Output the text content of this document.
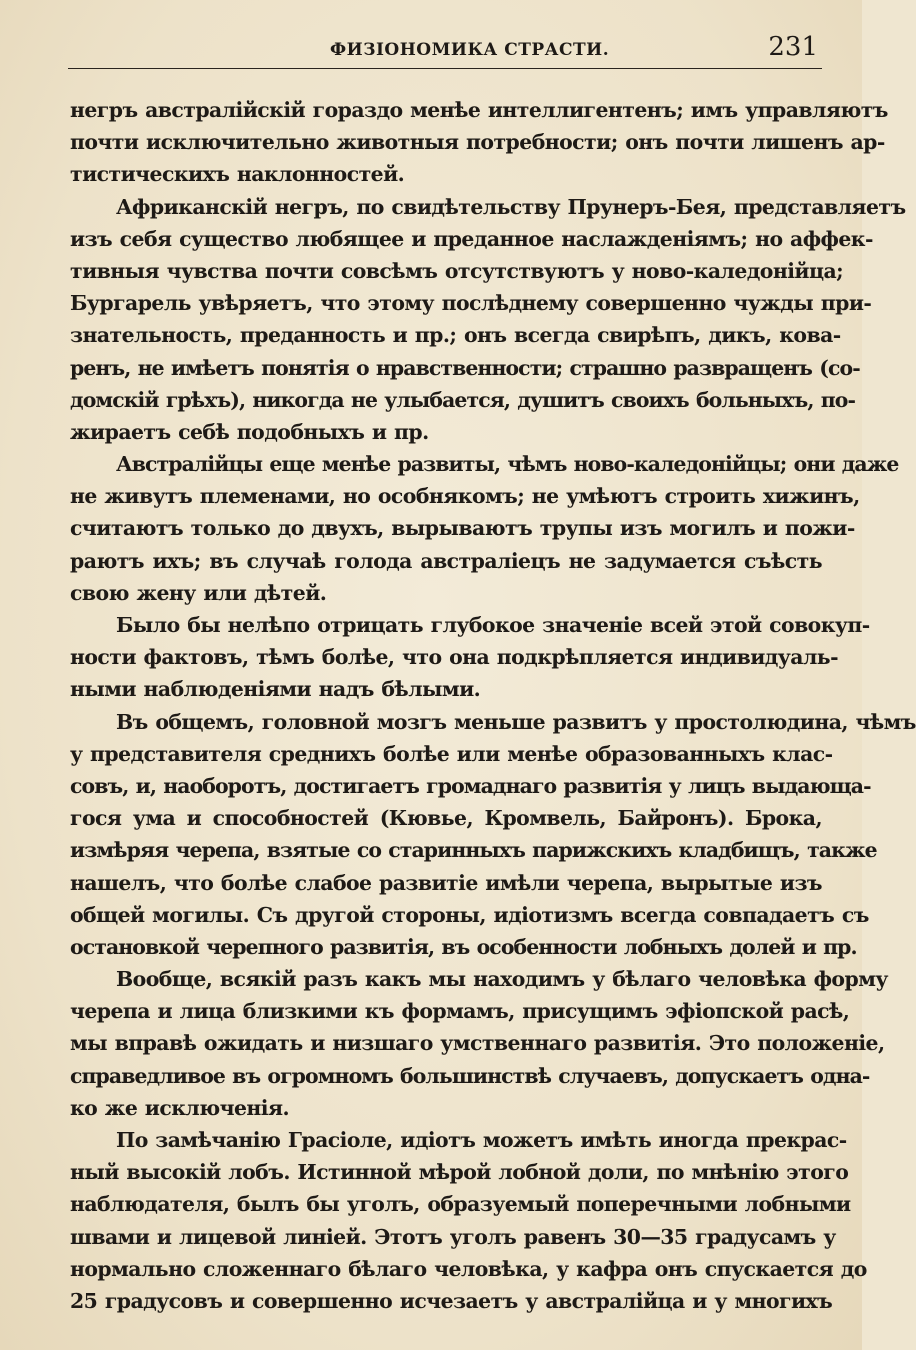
ФИЗІОНОМИКА СТРАСТИ.	231
негръ австралійскій гораздо менѣе интеллигентенъ; имъ управляютъ
почти исключительно животныя потребности; онъ почти лишенъ ар-
тистическихъ наклонностей.
Африканскій негръ, по свидѣтельству Прунеръ-Бея, представляетъ
изъ себя существо любящее и преданное наслажденіямъ; но аффек-
тивныя чувства почти совсѣмъ отсутствуютъ у ново-каледонійца;
Бургарель увѣряетъ, что этому послѣднему совершенно чужды при-
знательность, преданность и пр.; онъ всегда свирѣпъ, дикъ, кова-
ренъ, не имѣетъ понятія о нравственности; страшно развращенъ (со-
домскій грѣхъ), никогда не улыбается, душитъ своихъ больныхъ, по-
жираетъ себѣ подобныхъ и пр.
Австралійцы еще менѣе развиты, чѣмъ ново-каледонійцы; они даже
не живутъ племенами, но особнякомъ; не умѣютъ строить хижинъ,
считаютъ только до двухъ, вырываютъ трупы изъ могилъ и пожи-
раютъ ихъ; въ случаѣ голода австраліецъ не задумается съѣсть
свою жену или дѣтей.
Было бы нелѣпо отрицать глубокое значеніе всей этой совокуп-
ности фактовъ, тѣмъ болѣе, что она подкрѣпляется индивидуаль-
ными наблюденіями надъ бѣлыми.
Въ общемъ, головной мозгъ меньше развитъ у простолюдина, чѣмъ
у представителя среднихъ болѣе или менѣе образованныхъ клас-
совъ, и, наоборотъ, достигаетъ громаднаго развитія у лицъ выдающа-
гося ума и способностей (Кювье, Кромвель, Байронъ). Брока,
измѣряя черепа, взятые со старинныхъ парижскихъ кладбищъ, также
нашелъ, что болѣе слабое развитіе имѣли черепа, вырытые изъ
общей могилы. Съ другой стороны, идіотизмъ всегда совпадаетъ съ
остановкой черепного развитія, въ особенности лобныхъ долей и пр.
Вообще, всякій разъ какъ мы находимъ у бѣлаго человѣка форму
черепа и лица близкими къ формамъ, присущимъ эфіопской расѣ,
мы вправѣ ожидать и низшаго умственнаго развитія. Это положеніе,
справедливое въ огромномъ большинствѣ случаевъ, допускаетъ одна-
ко же исключенія.
По замѣчанію Грасіоле, идіотъ можетъ имѣть иногда прекрас-
ный высокій лобъ. Истинной мѣрой лобной доли, по мнѣнію этого
наблюдателя, былъ бы уголъ, образуемый поперечными лобными
швами и лицевой линіей. Этотъ уголъ равенъ 30—35 градусамъ у
нормально сложеннаго бѣлаго человѣка, у кафра онъ спускается до
25 градусовъ и совершенно исчезаетъ у австралійца и у многихъ
